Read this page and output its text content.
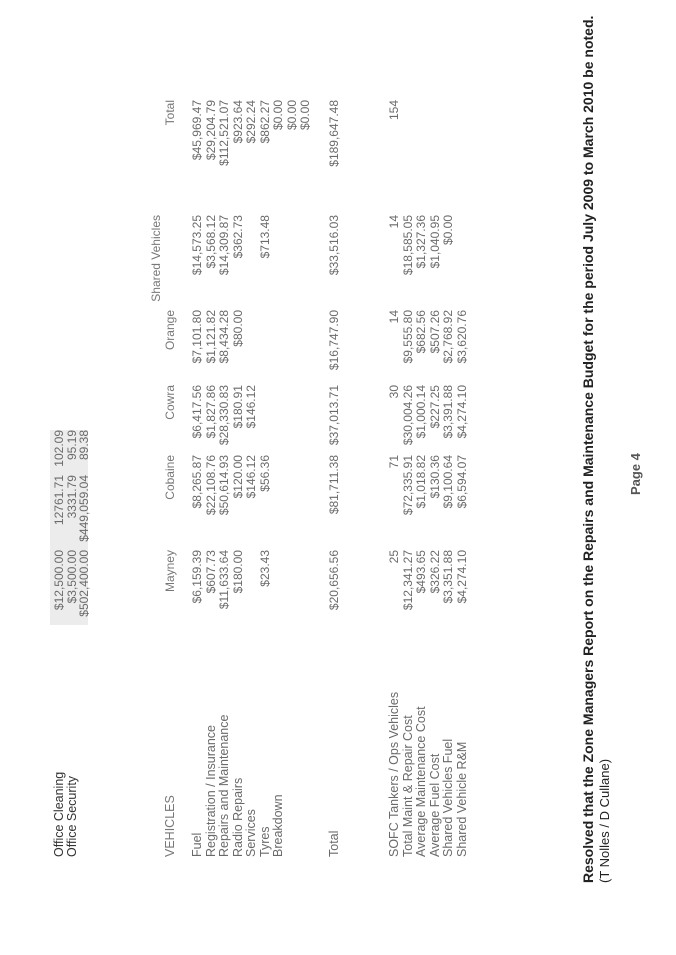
Resolved that the Zone Managers Report on the Repairs and Maintenance Budget for the period July 2009 to March 2010 be noted. (T Nolles / D Cullane)
Page 4
Office Cleaning
$12,500.00
12761.71
102.09
Office Security
$3,500.00
3331.79
95.19
$502,400.00
$449,059.04
89.38
VEHICLES
Mayney
Cobaine
Cowra
Orange
Shared Vehicles
Total
Fuel
$6,159.39
$8,265.87
$6,417.56
$7,101.80
$14,573.25
$45,969.47
Registration / Insurance
$607.73
$22,108.76
$1,827.86
$1,121.82
$3,568.12
$29,204.79
Repairs and Maintenance
$11,633.64
$50,614.93
$28,330.83
$8,434.28
$14,309.87
$112,521.07
Radio Repairs
$180.00
$120.00
$180.91
$80.00
$362.73
$923.64
Services
$146.12
$146.12
$292.24
Tyres
$23.43
$56.36
$713.48
$862.27
Breakdown
$0.00 $0.00 $0.00
Total
$20,656.56
$81,711.38
$37,013.71
$16,747.90
$33,516.03
$189,647.48
SOFC Tankers / Ops Vehicles
25
71
30
14
14
154
Total Maint & Repair Cost
$12,341.27
$72,335.91
$30,004.26
$9,555.80
$18,585.05
Average Maintenance Cost
$493.65
$1,018.82
$1,000.14
$682.56
$1,327.36
Average Fuel Cost
$326.22
$130.36
$227.25
$507.26
$1,040.95
Shared Vehicles Fuel
$3,351.88
$9,100.64
$3,391.88
$2,768.92
$0.00
Shared Vehicle R&M
$4,274.10
$6,594.07
$4,274.10
$3,620.76
